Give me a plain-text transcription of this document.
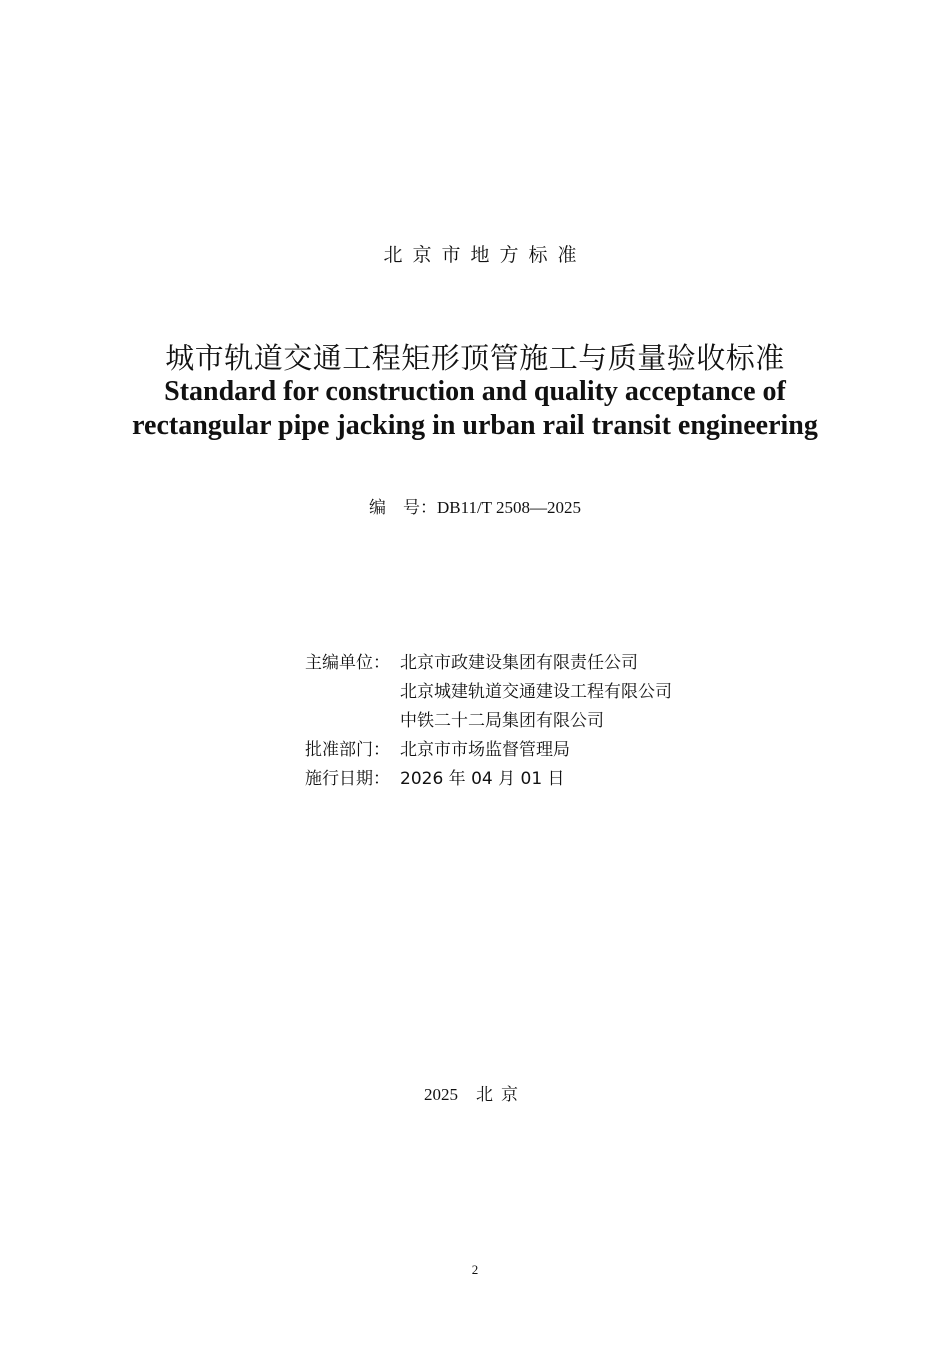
北京市地方标准
城市轨道交通工程矩形顶管施工与质量验收标准
Standard for construction and quality acceptance of
rectangular pipe jacking in urban rail transit engineering
编　号：DB11/T 2508—2025
主编单位： 北京市政建设集团有限责任公司
北京城建轨道交通建设工程有限公司
中铁二十二局集团有限公司
批准部门： 北京市市场监督管理局
施行日期： 2026 年 04 月 01 日
2025 北京
2
